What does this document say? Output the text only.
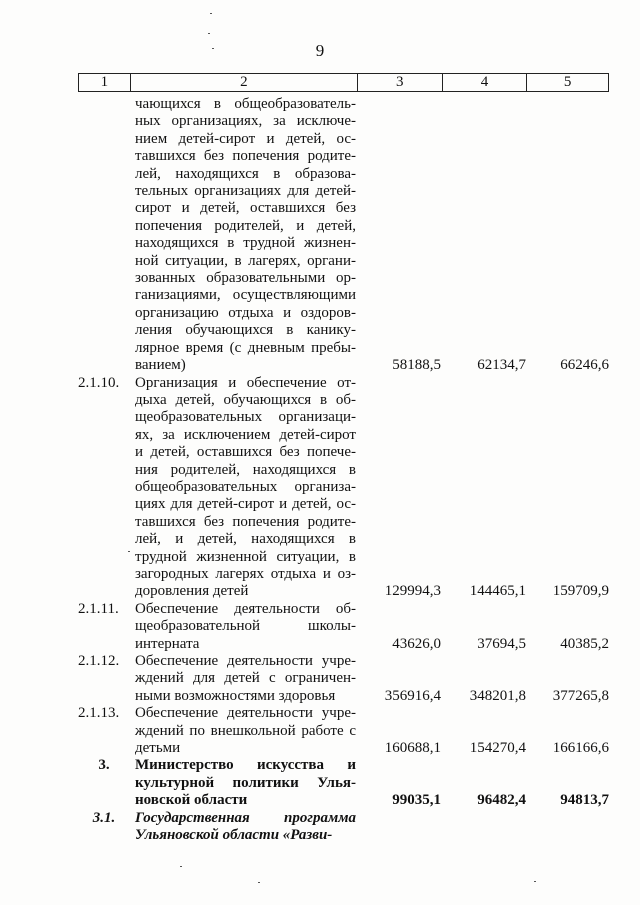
9
1	2	3	4	5
чающихся в общеобразователь-
ных организациях, за исключе-
нием детей-сирот и детей, ос-
тавшихся без попечения родите-
лей, находящихся в образова-
тельных организациях для детей-
сирот и детей, оставшихся без
попечения родителей, и детей,
находящихся в трудной жизнен-
ной ситуации, в лагерях, органи-
зованных образовательными ор-
ганизациями, осуществляющими
организацию отдыха и оздоров-
ления обучающихся в канику-
лярное время (с дневным пребы-
ванием)	58188,5	62134,7	66246,6
2.1.10.	Организация и обеспечение от-
дыха детей, обучающихся в об-
щеобразовательных организаци-
ях, за исключением детей-сирот
и детей, оставшихся без попече-
ния родителей, находящихся в
общеобразовательных организа-
циях для детей-сирот и детей, ос-
тавшихся без попечения родите-
лей, и детей, находящихся в
трудной жизненной ситуации, в
загородных лагерях отдыха и оз-
доровления детей	129994,3	144465,1	159709,9
2.1.11.	Обеспечение деятельности об-
щеобразовательной школы-
интерната	43626,0	37694,5	40385,2
2.1.12.	Обеспечение деятельности учре-
ждений для детей с ограничен-
ными возможностями здоровья	356916,4	348201,8	377265,8
2.1.13.	Обеспечение деятельности учре-
ждений по внешкольной работе с
детьми	160688,1	154270,4	166166,6
3.	Министерство искусства и
культурной политики Улья-
новской области	99035,1	96482,4	94813,7
3.1.	Государственная программа
Ульяновской области «Разви-
